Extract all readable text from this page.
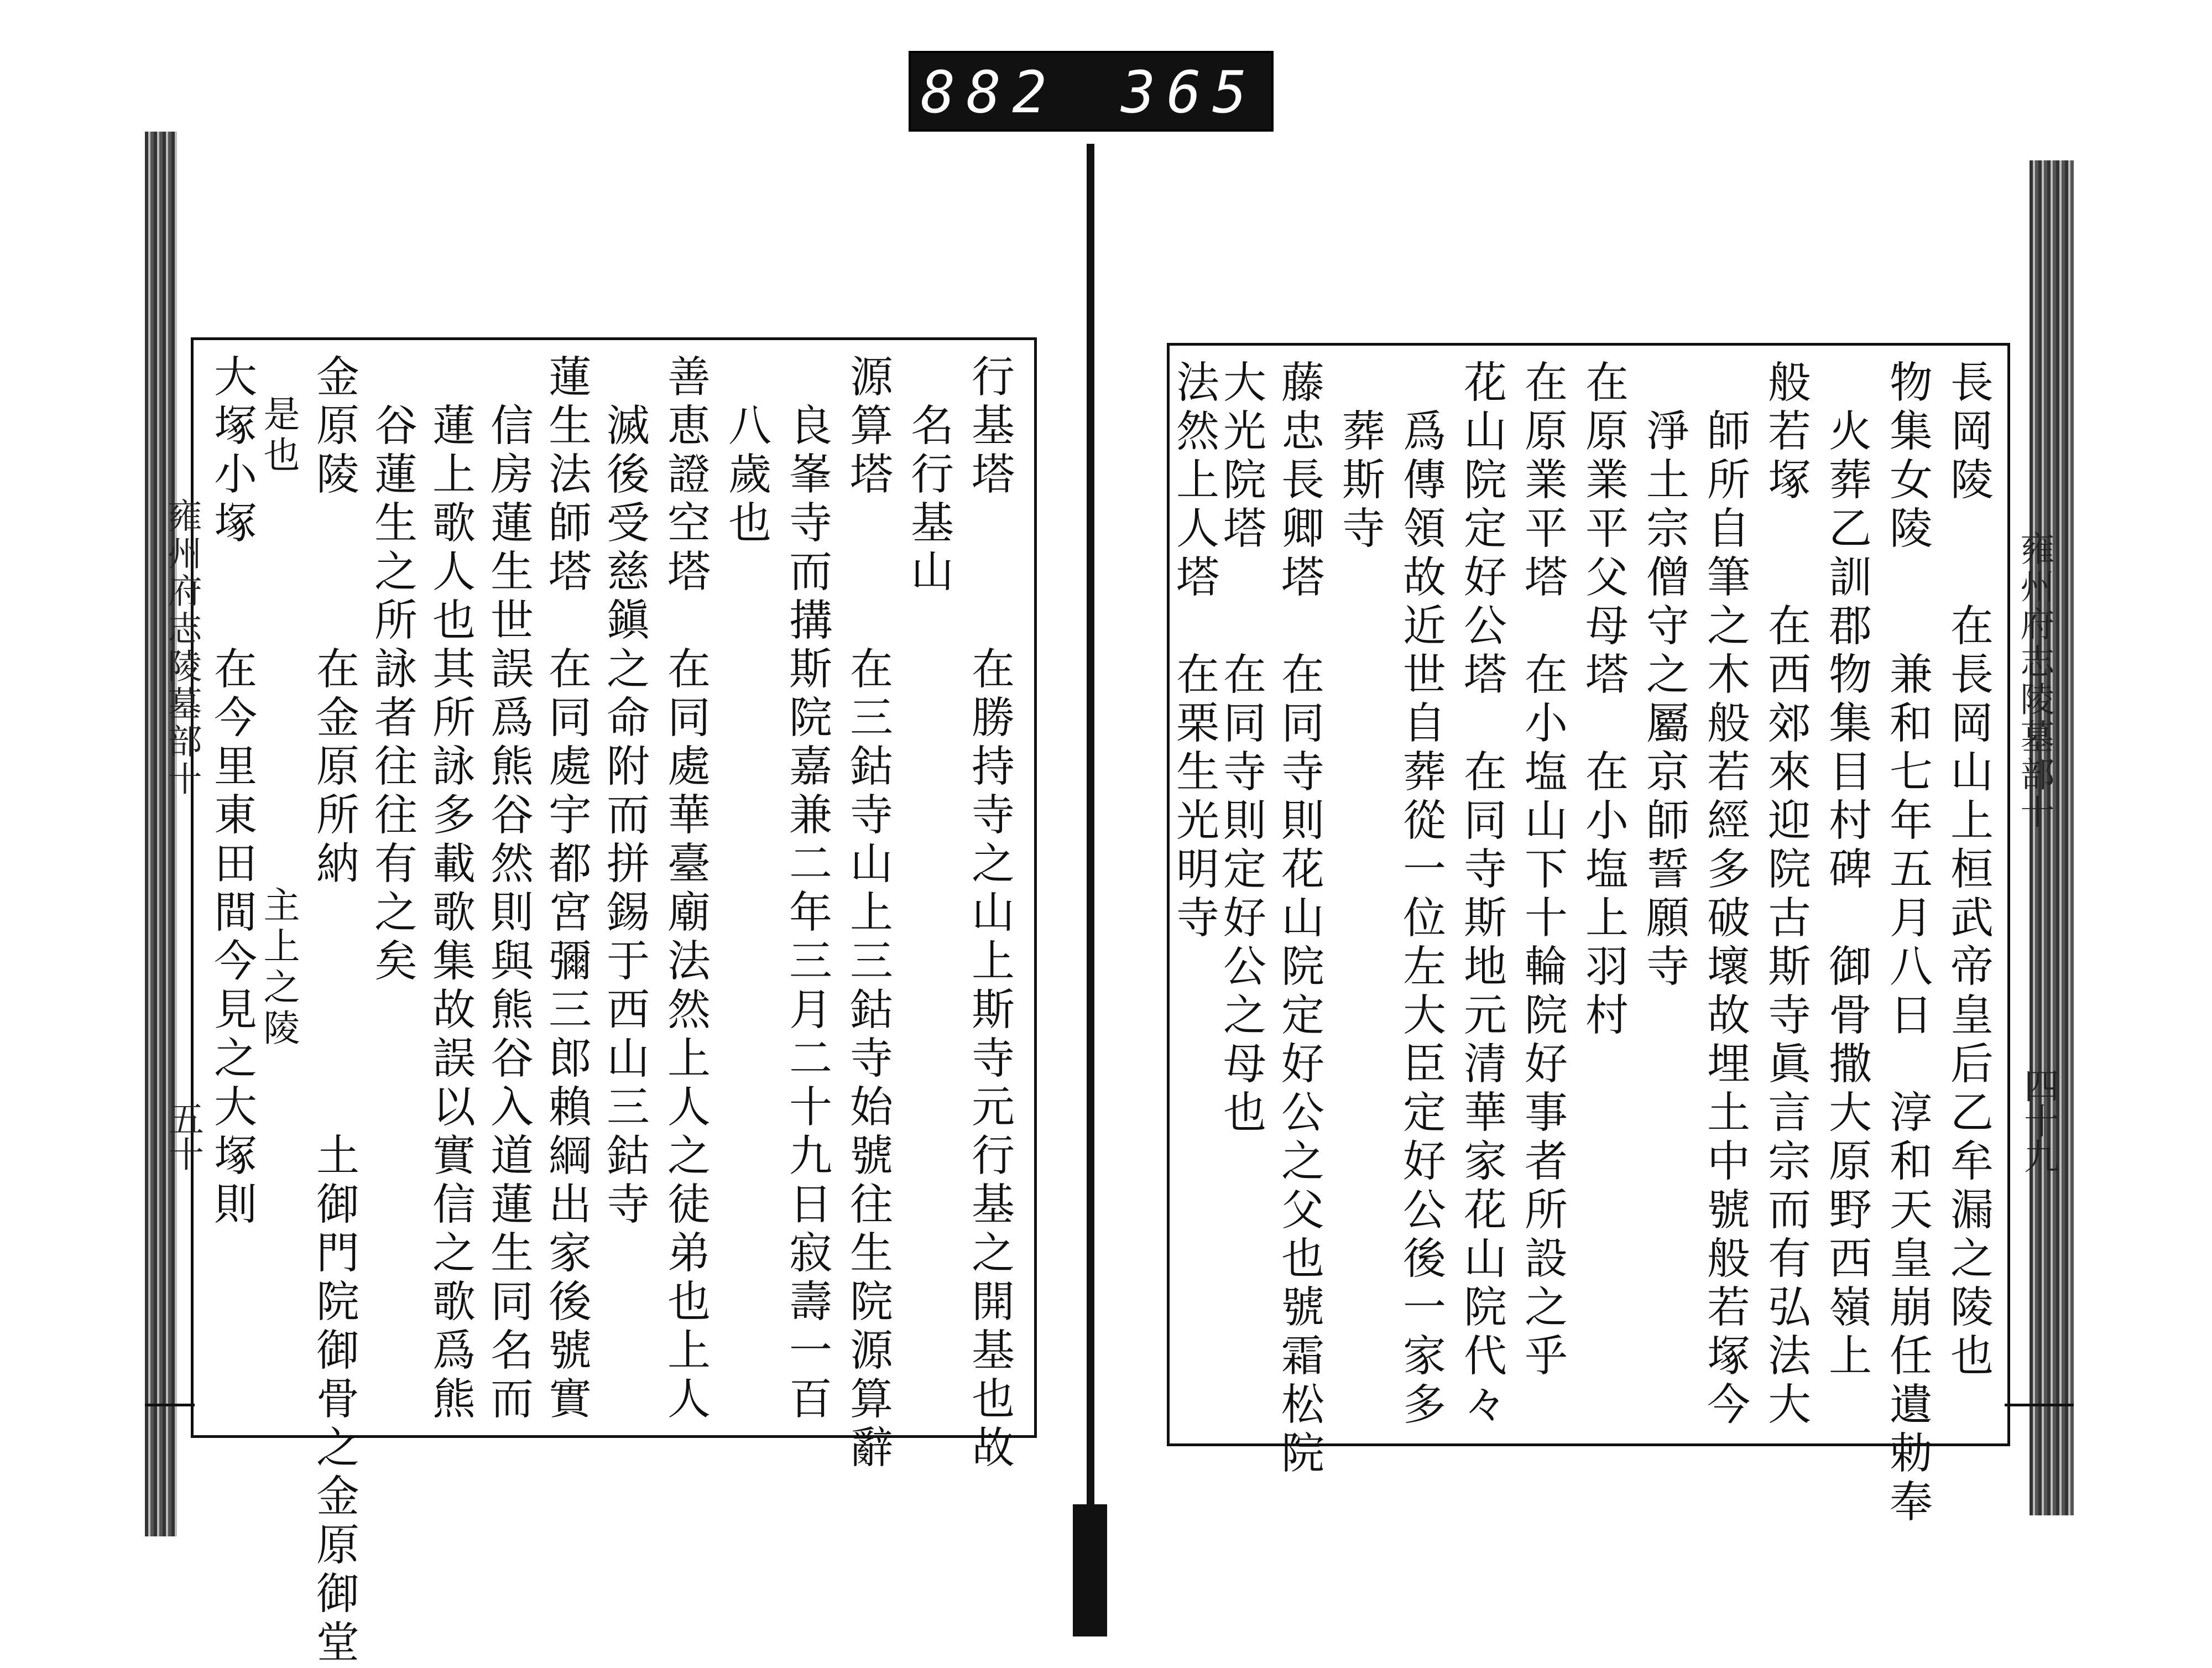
882 365
雍州府志陵墓部十
五十	行基塔　　　在勝持寺之山上斯寺元行基之開基也故
　名行基山
源算塔　　　在三鈷寺山上三鈷寺始號往生院源算辭
　良峯寺而搆斯院嘉兼二年三月二十九日寂壽一百
　八歲也
善恵證空塔　在同處華臺廟法然上人之徒弟也上人
　滅後受慈鎭之命附而拼錫于西山三鈷寺
蓮生法師塔　在同處宇都宮彌三郎賴綱出家後號實
　信房蓮生世誤爲熊谷然則與熊谷入道蓮生同名而
　蓮上歌人也其所詠多載歌集故誤以實信之歌爲熊
　谷蓮生之所詠者往往有之矣
金原陵　　　在金原所納
　　　　　　土御門院御骨之金原御堂
大塚小塚　　在今里東田間今見之大塚則 　是也　　　　　　　　　　主上之陵	雍州府志陵墓部十
四十九
長岡陵　　在長岡山上桓武帝皇后乙牟漏之陵也
物集女陵　　兼和七年五月八日　淳和天皇崩任遺勅奉
　火葬乙訓郡物集目村碑　御骨撒大原野西嶺上
般若塚　　在西郊來迎院古斯寺眞言宗而有弘法大
　師所自筆之木般若經多破壞故埋土中號般若塚今
　淨土宗僧守之屬京師誓願寺
在原業平父母塔　在小塩上羽村
在原業平塔　在小塩山下十輪院好事者所設之乎
花山院定好公塔　在同寺斯地元清華家花山院代々
　爲傳領故近世自葬從一位左大臣定好公後一家多
　葬斯寺
藤忠長卿塔　在同寺則花山院定好公之父也號霜松院
大光院塔　　在同寺則定好公之母也
法然上人塔　在栗生光明寺
